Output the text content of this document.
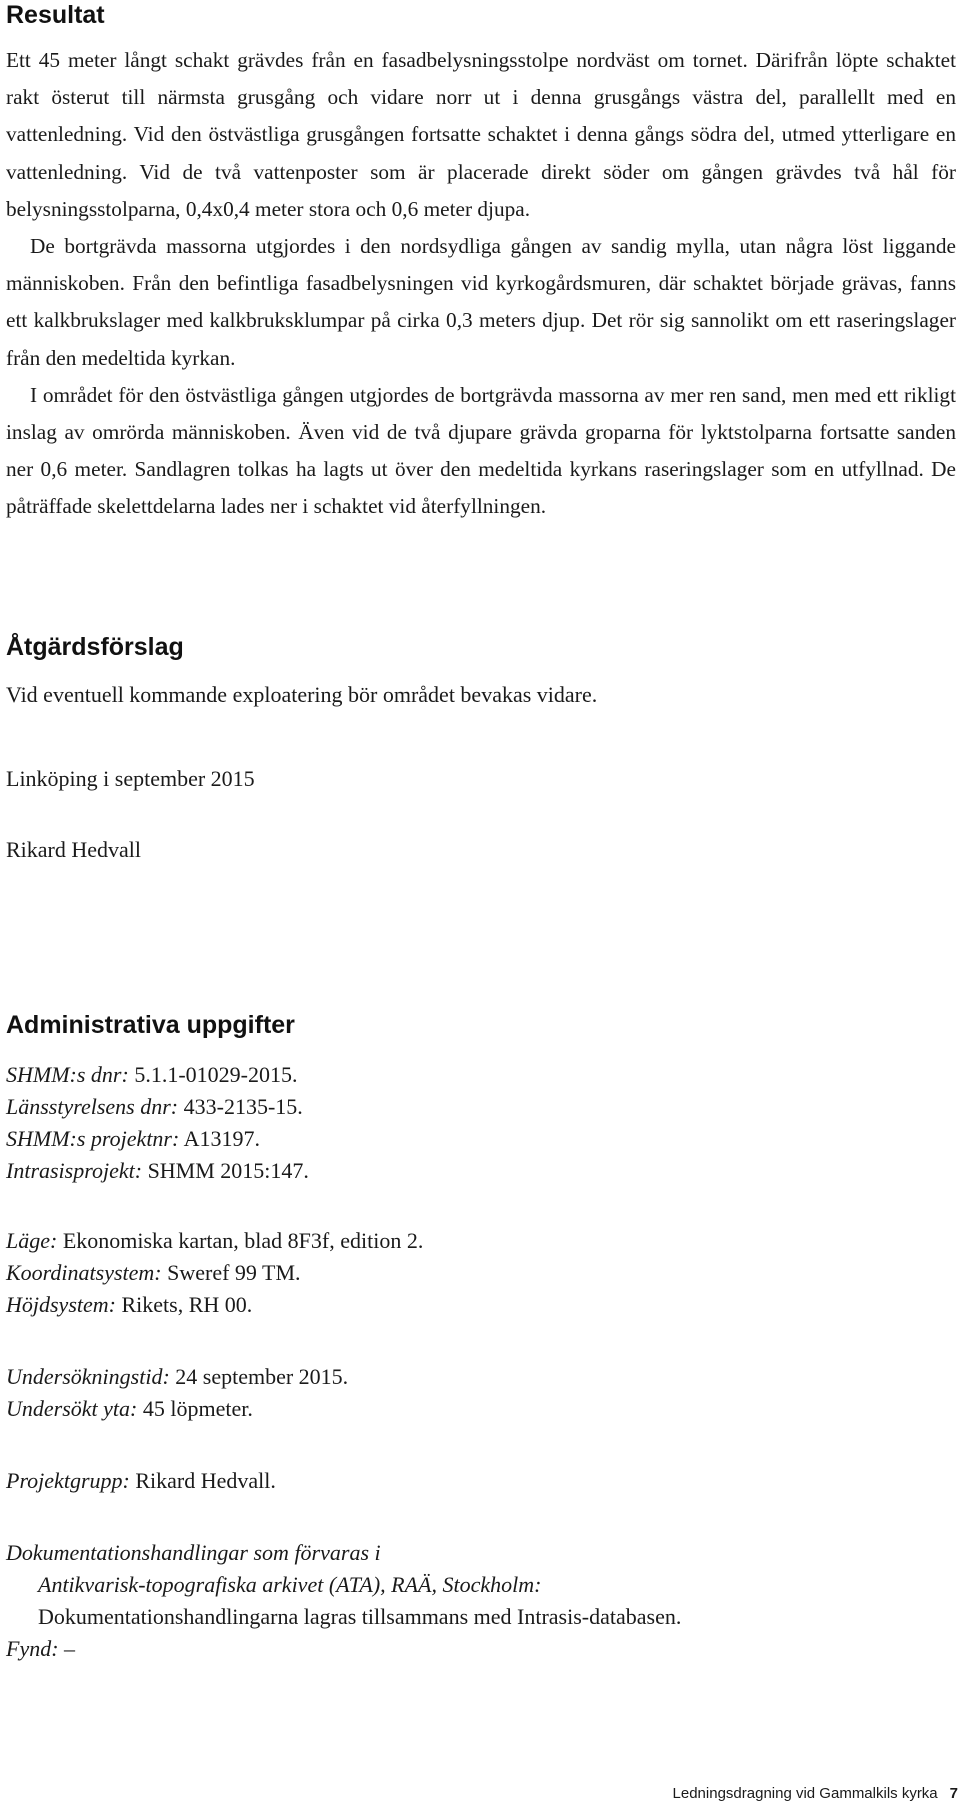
Resultat

Ett 45 meter långt schakt grävdes från en fasadbelysningsstolpe nordväst om tornet. Därifrån löpte schaktet rakt österut till närmsta grusgång och vidare norr ut i denna grusgångs västra del, parallellt med en vattenledning. Vid den östvästliga grusgången fortsatte schaktet i denna gångs södra del, utmed ytterligare en vattenledning. Vid de två vattenposter som är placerade direkt söder om gången grävdes två hål för belysningsstolparna, 0,4x0,4 meter stora och 0,6 meter djupa.

De bortgrävda massorna utgjordes i den nordsydliga gången av sandig mylla, utan några löst liggande människoben. Från den befintliga fasadbelysningen vid kyrkogårdsmuren, där schaktet började grävas, fanns ett kalkbrukslager med kalkbruksklumpar på cirka 0,3 meters djup. Det rör sig sannolikt om ett raseringslager från den medeltida kyrkan.

I området för den östvästliga gången utgjordes de bortgrävda massorna av mer ren sand, men med ett rikligt inslag av omrörda människoben. Även vid de två djupare grävda groparna för lyktstolparna fortsatte sanden ner 0,6 meter. Sandlagren tolkas ha lagts ut över den medeltida kyrkans raseringslager som en utfyllnad. De påträffade skelettdelarna lades ner i schaktet vid återfyllningen.

Åtgärdsförslag

Vid eventuell kommande exploatering bör området bevakas vidare.

Linköping i september 2015

Rikard Hedvall

Administrativa uppgifter

SHMM:s dnr: 5.1.1-01029-2015.

Länsstyrelsens dnr: 433-2135-15.

SHMM:s projektnr: A13197.

Intrasisprojekt: SHMM 2015:147.

Läge: Ekonomiska kartan, blad 8F3f, edition 2.

Koordinatsystem: Sweref 99 TM.

Höjdsystem: Rikets, RH 00.

Undersökningstid: 24 september 2015.

Undersökt yta: 45 löpmeter.

Projektgrupp: Rikard Hedvall.

Dokumentationshandlingar som förvaras i

Antikvarisk-topografiska arkivet (ATA), RAÄ, Stockholm:

Dokumentationshandlingarna lagras tillsammans med Intrasis-databasen.

Fynd: –

Ledningsdragning vid Gammalkils kyrka 7
